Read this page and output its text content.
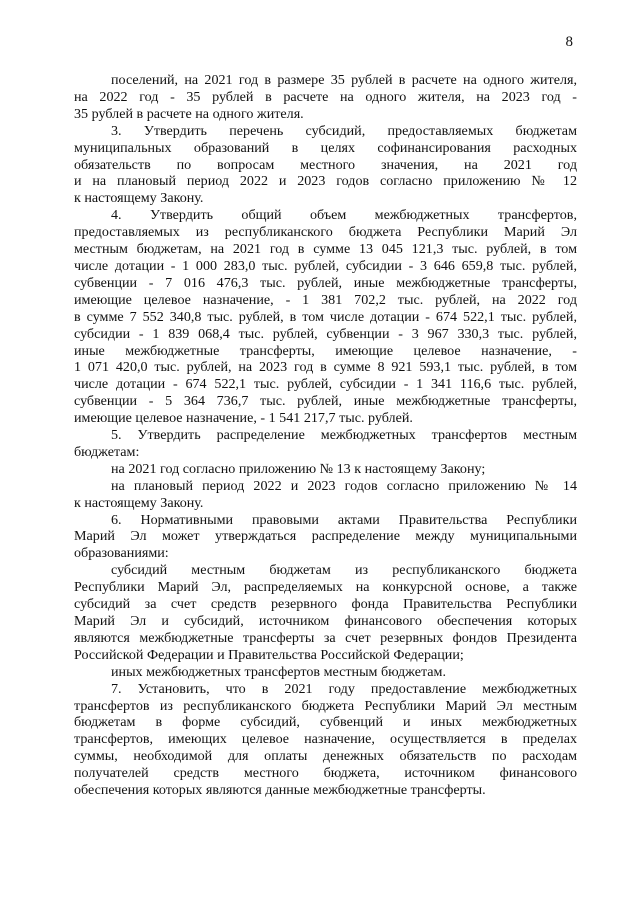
8

поселений, на 2021 год в размере 35 рублей в расчете на одного жителя,
на 2022 год - 35 рублей в расчете на одного жителя, на 2023 год -
35 рублей в расчете на одного жителя.

3. Утвердить перечень субсидий, предоставляемых бюджетам
муниципальных образований в целях софинансирования расходных
обязательств по вопросам местного значения, на 2021 год
и на плановый период 2022 и 2023 годов согласно приложению № 12
к настоящему Закону.

4. Утвердить общий объем межбюджетных трансфертов,
предоставляемых из республиканского бюджета Республики Марий Эл
местным бюджетам, на 2021 год в сумме 13 045 121,3 тыс. рублей, в том
числе дотации - 1 000 283,0 тыс. рублей, субсидии - 3 646 659,8 тыс. рублей,
субвенции - 7 016 476,3 тыс. рублей, иные межбюджетные трансферты,
имеющие целевое назначение, - 1 381 702,2 тыс. рублей, на 2022 год
в сумме 7 552 340,8 тыс. рублей, в том числе дотации - 674 522,1 тыс. рублей,
субсидии - 1 839 068,4 тыс. рублей, субвенции - 3 967 330,3 тыс. рублей,
иные межбюджетные трансферты, имеющие целевое назначение, -
1 071 420,0 тыс. рублей, на 2023 год в сумме 8 921 593,1 тыс. рублей, в том
числе дотации - 674 522,1 тыс. рублей, субсидии - 1 341 116,6 тыс. рублей,
субвенции - 5 364 736,7 тыс. рублей, иные межбюджетные трансферты,
имеющие целевое назначение, - 1 541 217,7 тыс. рублей.

5. Утвердить распределение межбюджетных трансфертов местным
бюджетам:

на 2021 год согласно приложению № 13 к настоящему Закону;

на плановый период 2022 и 2023 годов согласно приложению № 14
к настоящему Закону.

6. Нормативными правовыми актами Правительства Республики
Марий Эл может утверждаться распределение между муниципальными
образованиями:

субсидий местным бюджетам из республиканского бюджета
Республики Марий Эл, распределяемых на конкурсной основе, а также
субсидий за счет средств резервного фонда Правительства Республики
Марий Эл и субсидий, источником финансового обеспечения которых
являются межбюджетные трансферты за счет резервных фондов Президента
Российской Федерации и Правительства Российской Федерации;

иных межбюджетных трансфертов местным бюджетам.

7. Установить, что в 2021 году предоставление межбюджетных
трансфертов из республиканского бюджета Республики Марий Эл местным
бюджетам в форме субсидий, субвенций и иных межбюджетных
трансфертов, имеющих целевое назначение, осуществляется в пределах
суммы, необходимой для оплаты денежных обязательств по расходам
получателей средств местного бюджета, источником финансового
обеспечения которых являются данные межбюджетные трансферты.
